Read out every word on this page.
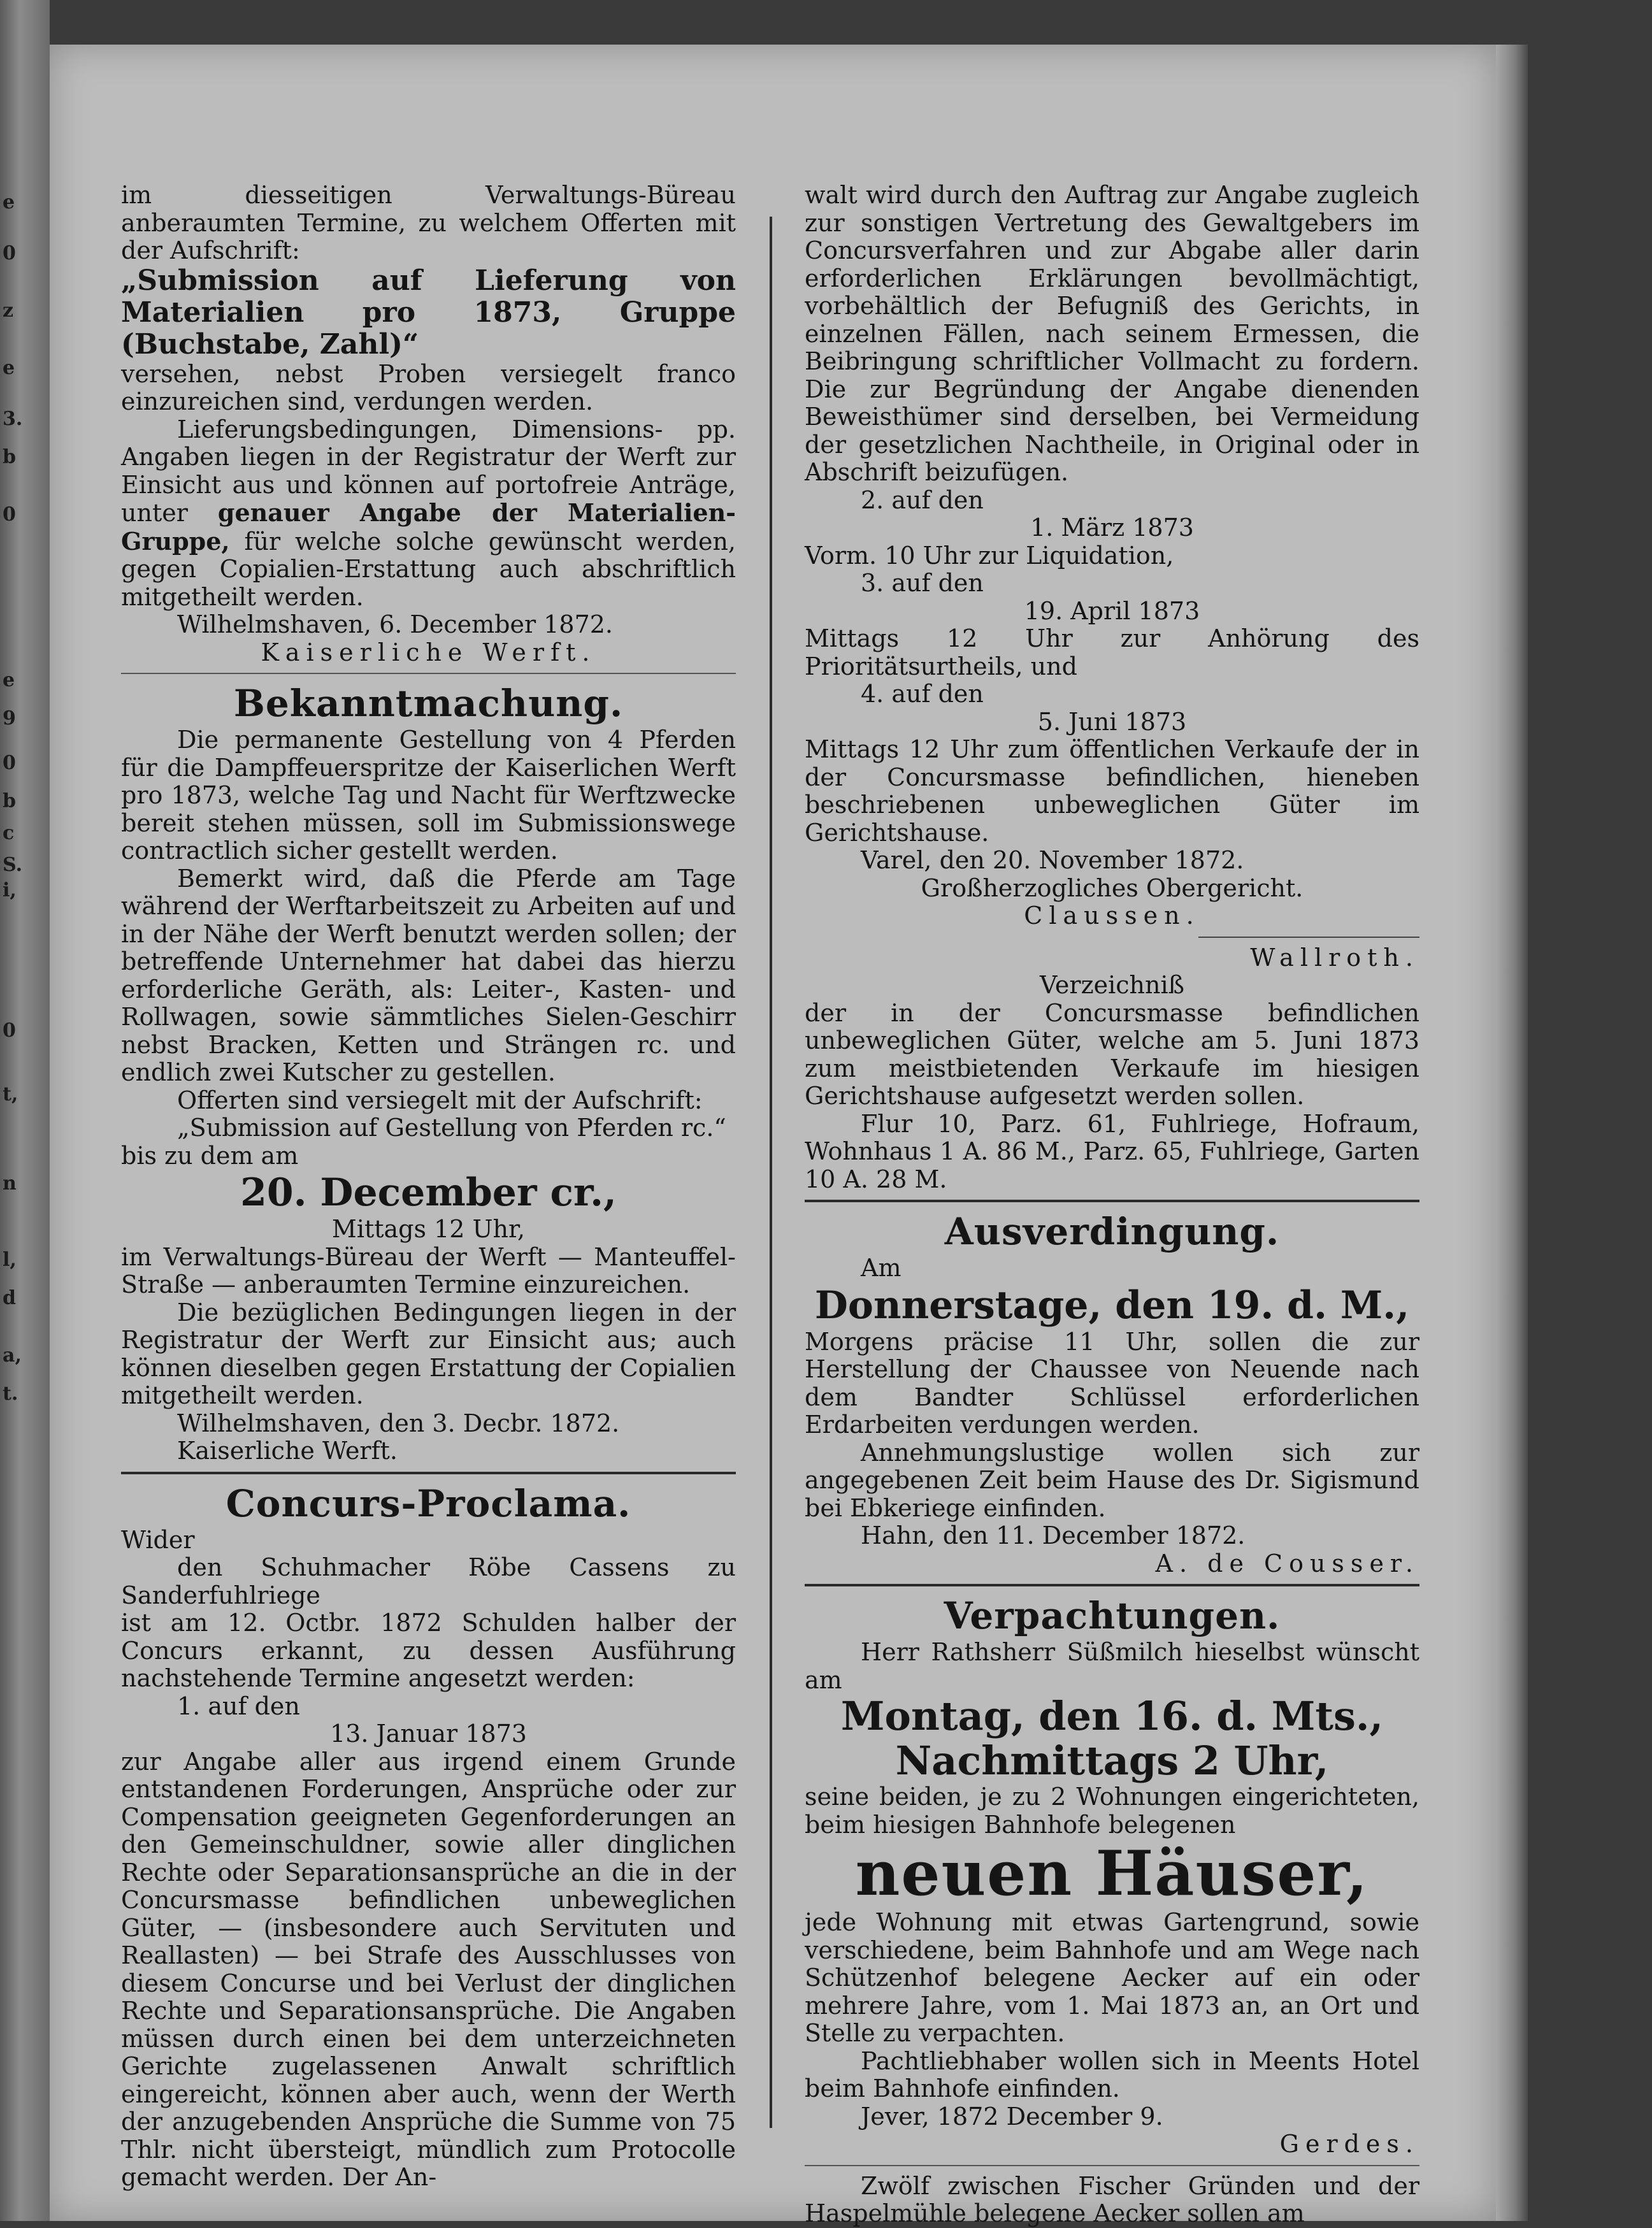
e
0
z
e
3.
b
0
e
9
0
b
c
S.
i,
0
t,
n
l,
d
a,
t.

im diesseitigen Verwaltungs-Büreau anberaumten Termine, zu welchem Offerten mit der Aufschrift:

„Submission auf Lieferung von Materialien pro 1873, Gruppe (Buchstabe, Zahl)“

versehen, nebst Proben versiegelt franco einzureichen sind, verdungen werden.

Lieferungsbedingungen, Dimensions- pp. Angaben liegen in der Registratur der Werft zur Einsicht aus und können auf portofreie Anträge, unter genauer Angabe der Materialien-Gruppe, für welche solche gewünscht werden, gegen Copialien-Erstattung auch abschriftlich mitgetheilt werden.

Wilhelmshaven, 6. December 1872.

Kaiserliche Werft.

Bekanntmachung.

Die permanente Gestellung von 4 Pferden für die Dampffeuerspritze der Kaiserlichen Werft pro 1873, welche Tag und Nacht für Werftzwecke bereit stehen müssen, soll im Submissionswege contractlich sicher gestellt werden.

Bemerkt wird, daß die Pferde am Tage während der Werftarbeitszeit zu Arbeiten auf und in der Nähe der Werft benutzt werden sollen; der betreffende Unternehmer hat dabei das hierzu erforderliche Geräth, als: Leiter-, Kasten- und Rollwagen, sowie sämmtliches Sielen-Geschirr nebst Bracken, Ketten und Strängen rc. und endlich zwei Kutscher zu gestellen.

Offerten sind versiegelt mit der Aufschrift:

„Submission auf Gestellung von Pferden rc.“

bis zu dem am

20. December cr.,

Mittags 12 Uhr,

im Verwaltungs-Büreau der Werft — Manteuffel-Straße — anberaumten Termine einzureichen.

Die bezüglichen Bedingungen liegen in der Registratur der Werft zur Einsicht aus; auch können dieselben gegen Erstattung der Copialien mitgetheilt werden.

Wilhelmshaven, den 3. Decbr. 1872.

Kaiserliche Werft.

Concurs-Proclama.

Wider

den Schuhmacher Röbe Cassens zu Sanderfuhlriege

ist am 12. Octbr. 1872 Schulden halber der Concurs erkannt, zu dessen Ausführung nachstehende Termine angesetzt werden:

1. auf den

13. Januar 1873

zur Angabe aller aus irgend einem Grunde entstandenen Forderungen, Ansprüche oder zur Compensation geeigneten Gegenforderungen an den Gemeinschuldner, sowie aller dinglichen Rechte oder Separationsansprüche an die in der Concursmasse befindlichen unbeweglichen Güter, — (insbesondere auch Servituten und Reallasten) — bei Strafe des Ausschlusses von diesem Concurse und bei Verlust der dinglichen Rechte und Separationsansprüche. Die Angaben müssen durch einen bei dem unterzeichneten Gerichte zugelassenen Anwalt schriftlich eingereicht, können aber auch, wenn der Werth der anzugebenden Ansprüche die Summe von 75 Thlr. nicht übersteigt, mündlich zum Protocolle gemacht werden. Der An-

walt wird durch den Auftrag zur Angabe zugleich zur sonstigen Vertretung des Gewaltgebers im Concursverfahren und zur Abgabe aller darin erforderlichen Erklärungen bevollmächtigt, vorbehältlich der Befugniß des Gerichts, in einzelnen Fällen, nach seinem Ermessen, die Beibringung schriftlicher Vollmacht zu fordern. Die zur Begründung der Angabe dienenden Beweisthümer sind derselben, bei Vermeidung der gesetzlichen Nachtheile, in Original oder in Abschrift beizufügen.

2. auf den

1. März 1873

Vorm. 10 Uhr zur Liquidation,

3. auf den

19. April 1873

Mittags 12 Uhr zur Anhörung des Prioritätsurtheils, und

4. auf den

5. Juni 1873

Mittags 12 Uhr zum öffentlichen Verkaufe der in der Concursmasse befindlichen, hieneben beschriebenen unbeweglichen Güter im Gerichtshause.

Varel, den 20. November 1872.

Großherzogliches Obergericht.

Claussen.

Wallroth.

Verzeichniß

der in der Concursmasse befindlichen unbeweglichen Güter, welche am 5. Juni 1873 zum meistbietenden Verkaufe im hiesigen Gerichtshause aufgesetzt werden sollen.

Flur 10, Parz. 61, Fuhlriege, Hofraum, Wohnhaus 1 A. 86 M., Parz. 65, Fuhlriege, Garten 10 A. 28 M.

Ausverdingung.

Am

Donnerstage, den 19. d. M.,

Morgens präcise 11 Uhr, sollen die zur Herstellung der Chaussee von Neuende nach dem Bandter Schlüssel erforderlichen Erdarbeiten verdungen werden.

Annehmungslustige wollen sich zur angegebenen Zeit beim Hause des Dr. Sigismund bei Ebkeriege einfinden.

Hahn, den 11. December 1872.

A. de Cousser.

Verpachtungen.

Herr Rathsherr Süßmilch hieselbst wünscht am

Montag, den 16. d. Mts.,

Nachmittags 2 Uhr,

seine beiden, je zu 2 Wohnungen eingerichteten, beim hiesigen Bahnhofe belegenen

neuen Häuser,

jede Wohnung mit etwas Gartengrund, sowie verschiedene, beim Bahnhofe und am Wege nach Schützenhof belegene Aecker auf ein oder mehrere Jahre, vom 1. Mai 1873 an, an Ort und Stelle zu verpachten.

Pachtliebhaber wollen sich in Meents Hotel beim Bahnhofe einfinden.

Jever, 1872 December 9.

Gerdes.

Zwölf zwischen Fischer Gründen und der Haspelmühle belegene Aecker sollen am
